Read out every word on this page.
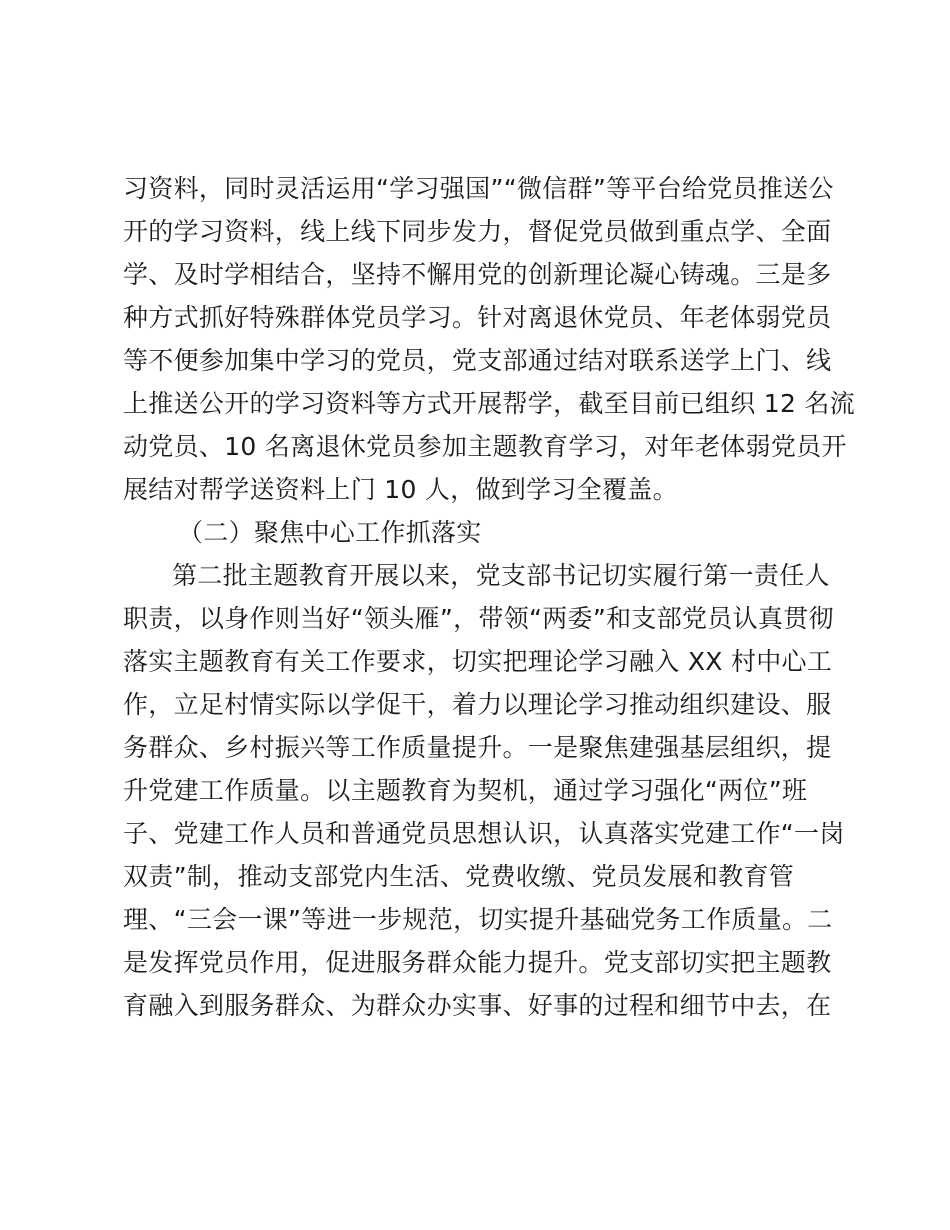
习资料，同时灵活运用“学习强国”“微信群”等平台给党员推送公
开的学习资料，线上线下同步发力，督促党员做到重点学、全面
学、及时学相结合，坚持不懈用党的创新理论凝心铸魂。三是多
种方式抓好特殊群体党员学习。针对离退休党员、年老体弱党员
等不便参加集中学习的党员，党支部通过结对联系送学上门、线
上推送公开的学习资料等方式开展帮学，截至目前已组织 12 名流
动党员、10 名离退休党员参加主题教育学习，对年老体弱党员开
展结对帮学送资料上门 10 人，做到学习全覆盖。
（二）聚焦中心工作抓落实
第二批主题教育开展以来，党支部书记切实履行第一责任人
职责，以身作则当好“领头雁”，带领“两委”和支部党员认真贯彻
落实主题教育有关工作要求，切实把理论学习融入 XX 村中心工
作，立足村情实际以学促干，着力以理论学习推动组织建设、服
务群众、乡村振兴等工作质量提升。一是聚焦建强基层组织，提
升党建工作质量。以主题教育为契机，通过学习强化“两位”班
子、党建工作人员和普通党员思想认识，认真落实党建工作“一岗
双责”制，推动支部党内生活、党费收缴、党员发展和教育管
理、“三会一课”等进一步规范，切实提升基础党务工作质量。二
是发挥党员作用，促进服务群众能力提升。党支部切实把主题教
育融入到服务群众、为群众办实事、好事的过程和细节中去，在
